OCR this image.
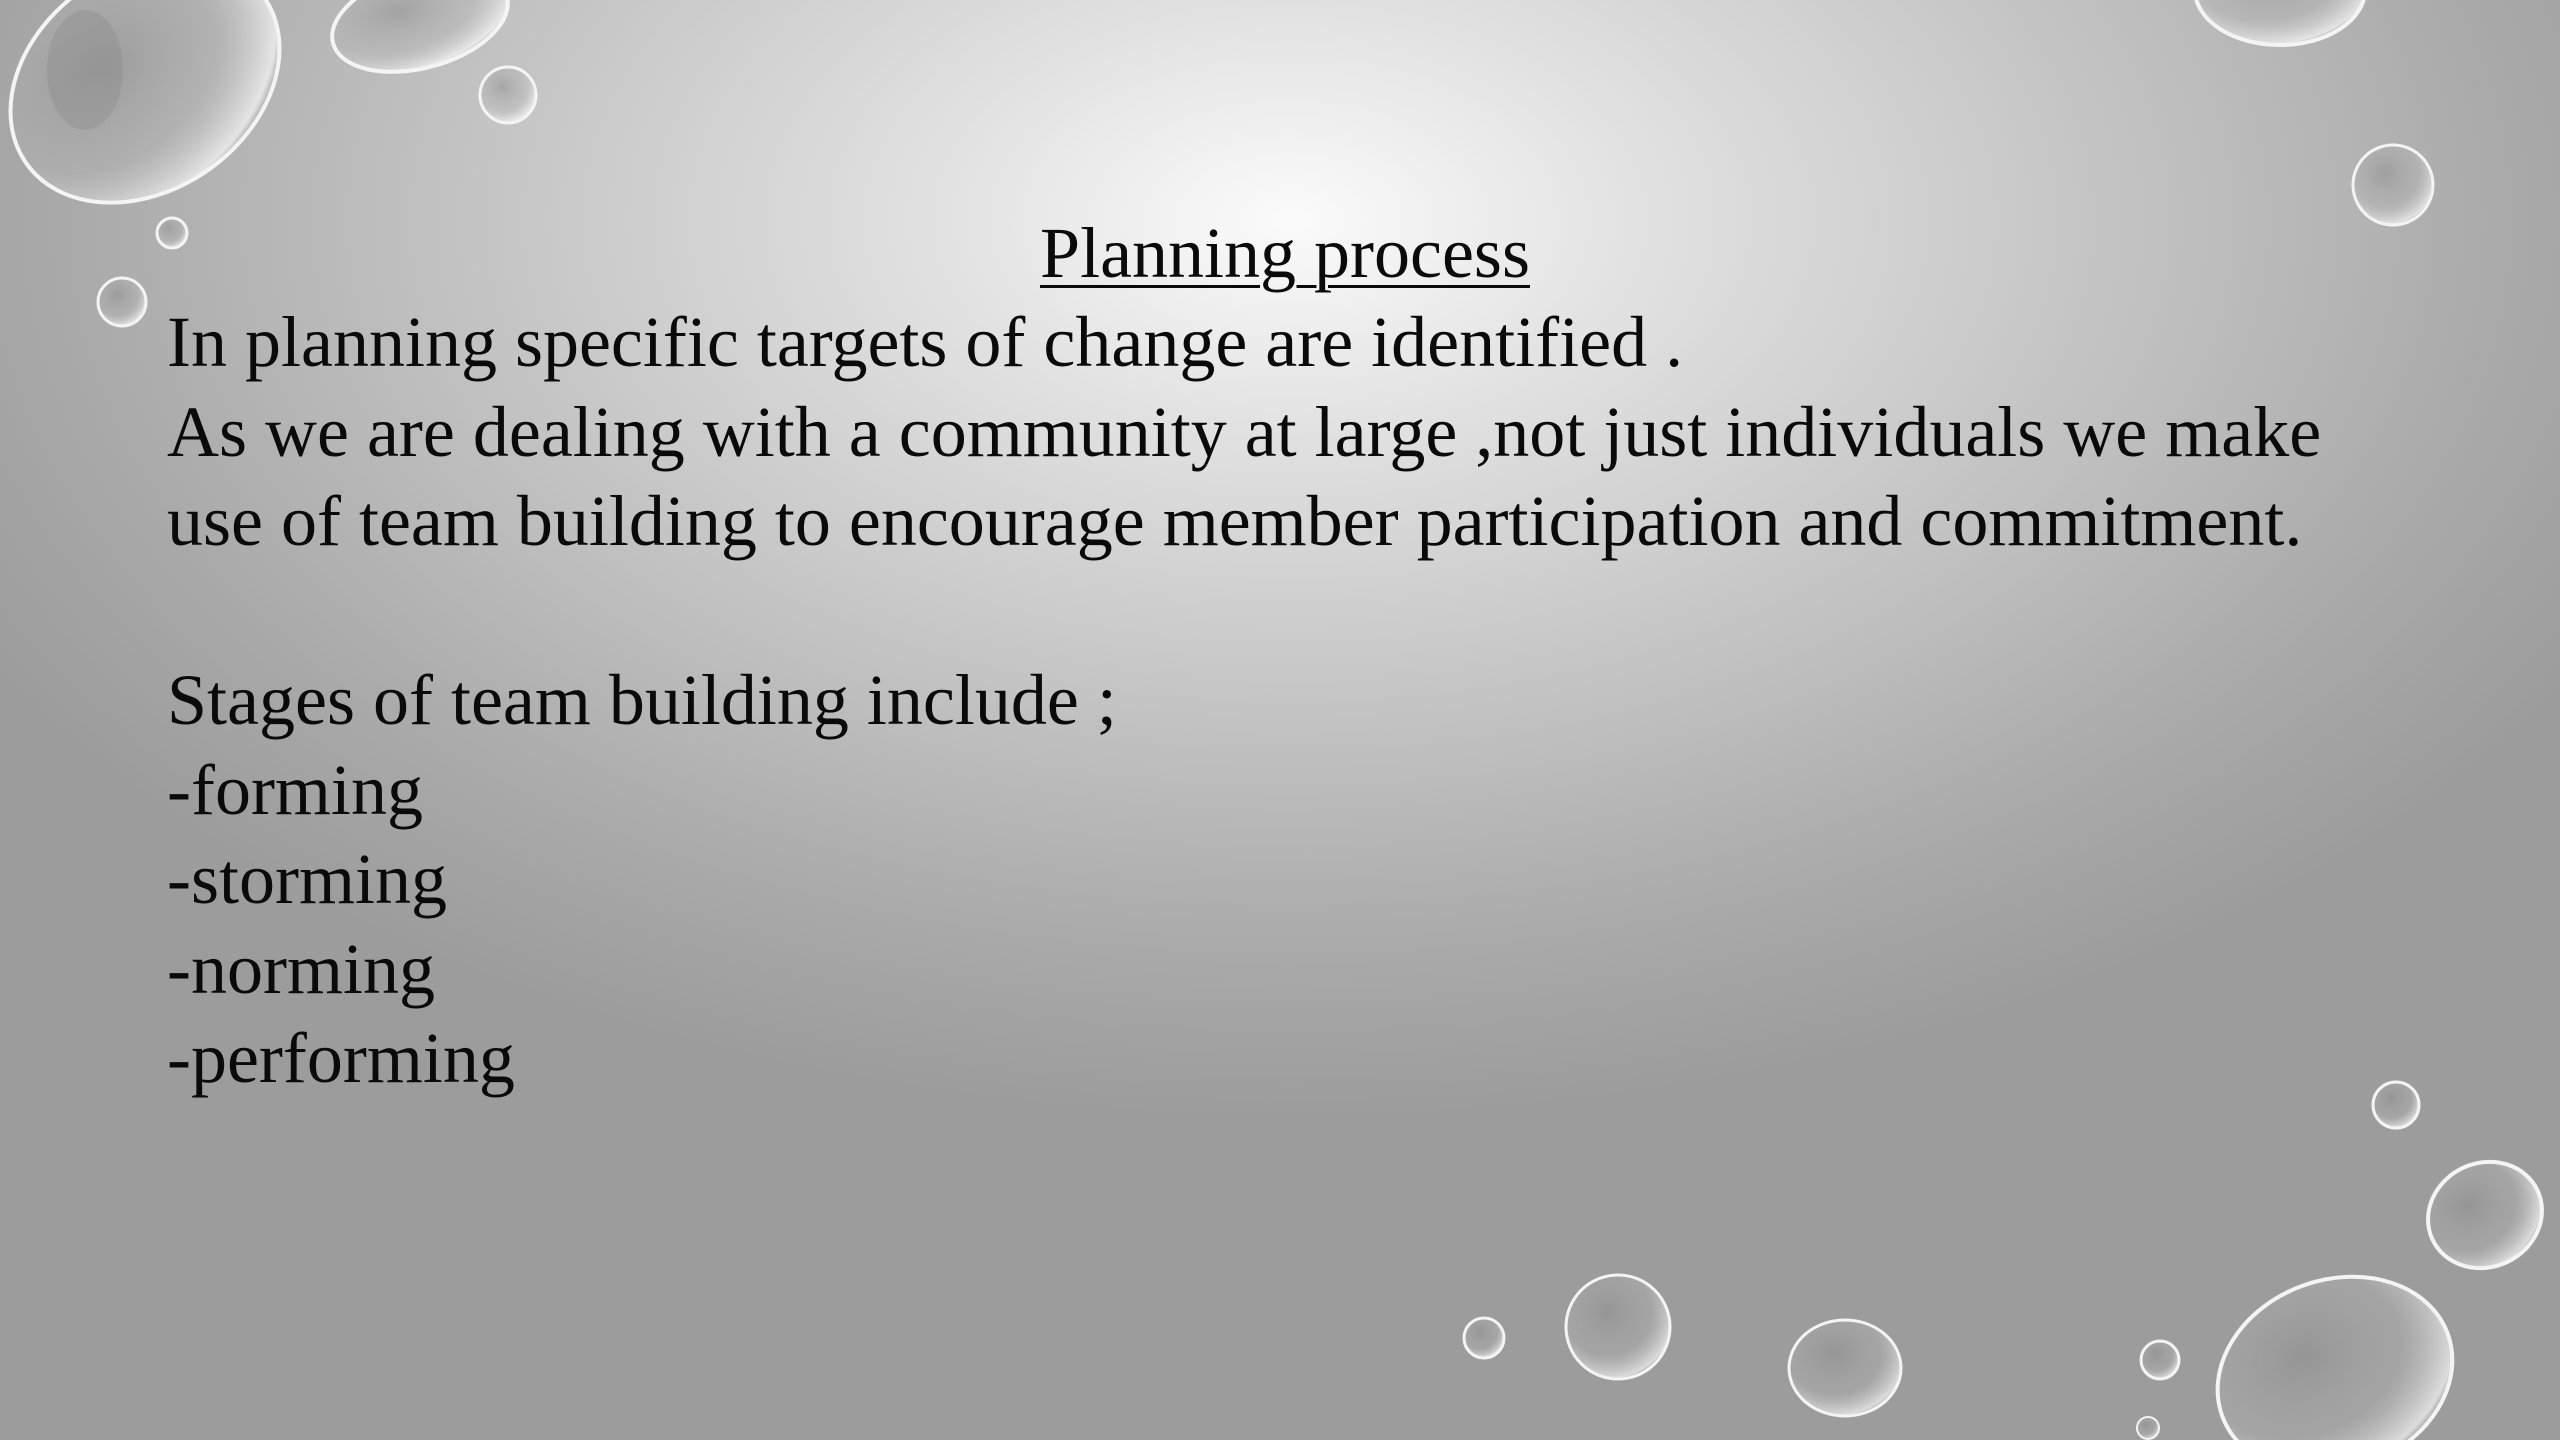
Planning process
In planning specific targets of change are identified .
As we are dealing with a community at large ,not just individuals we make
use of team building to encourage member participation and commitment.
Stages of team building include ;
-forming
-storming
-norming
-performing
